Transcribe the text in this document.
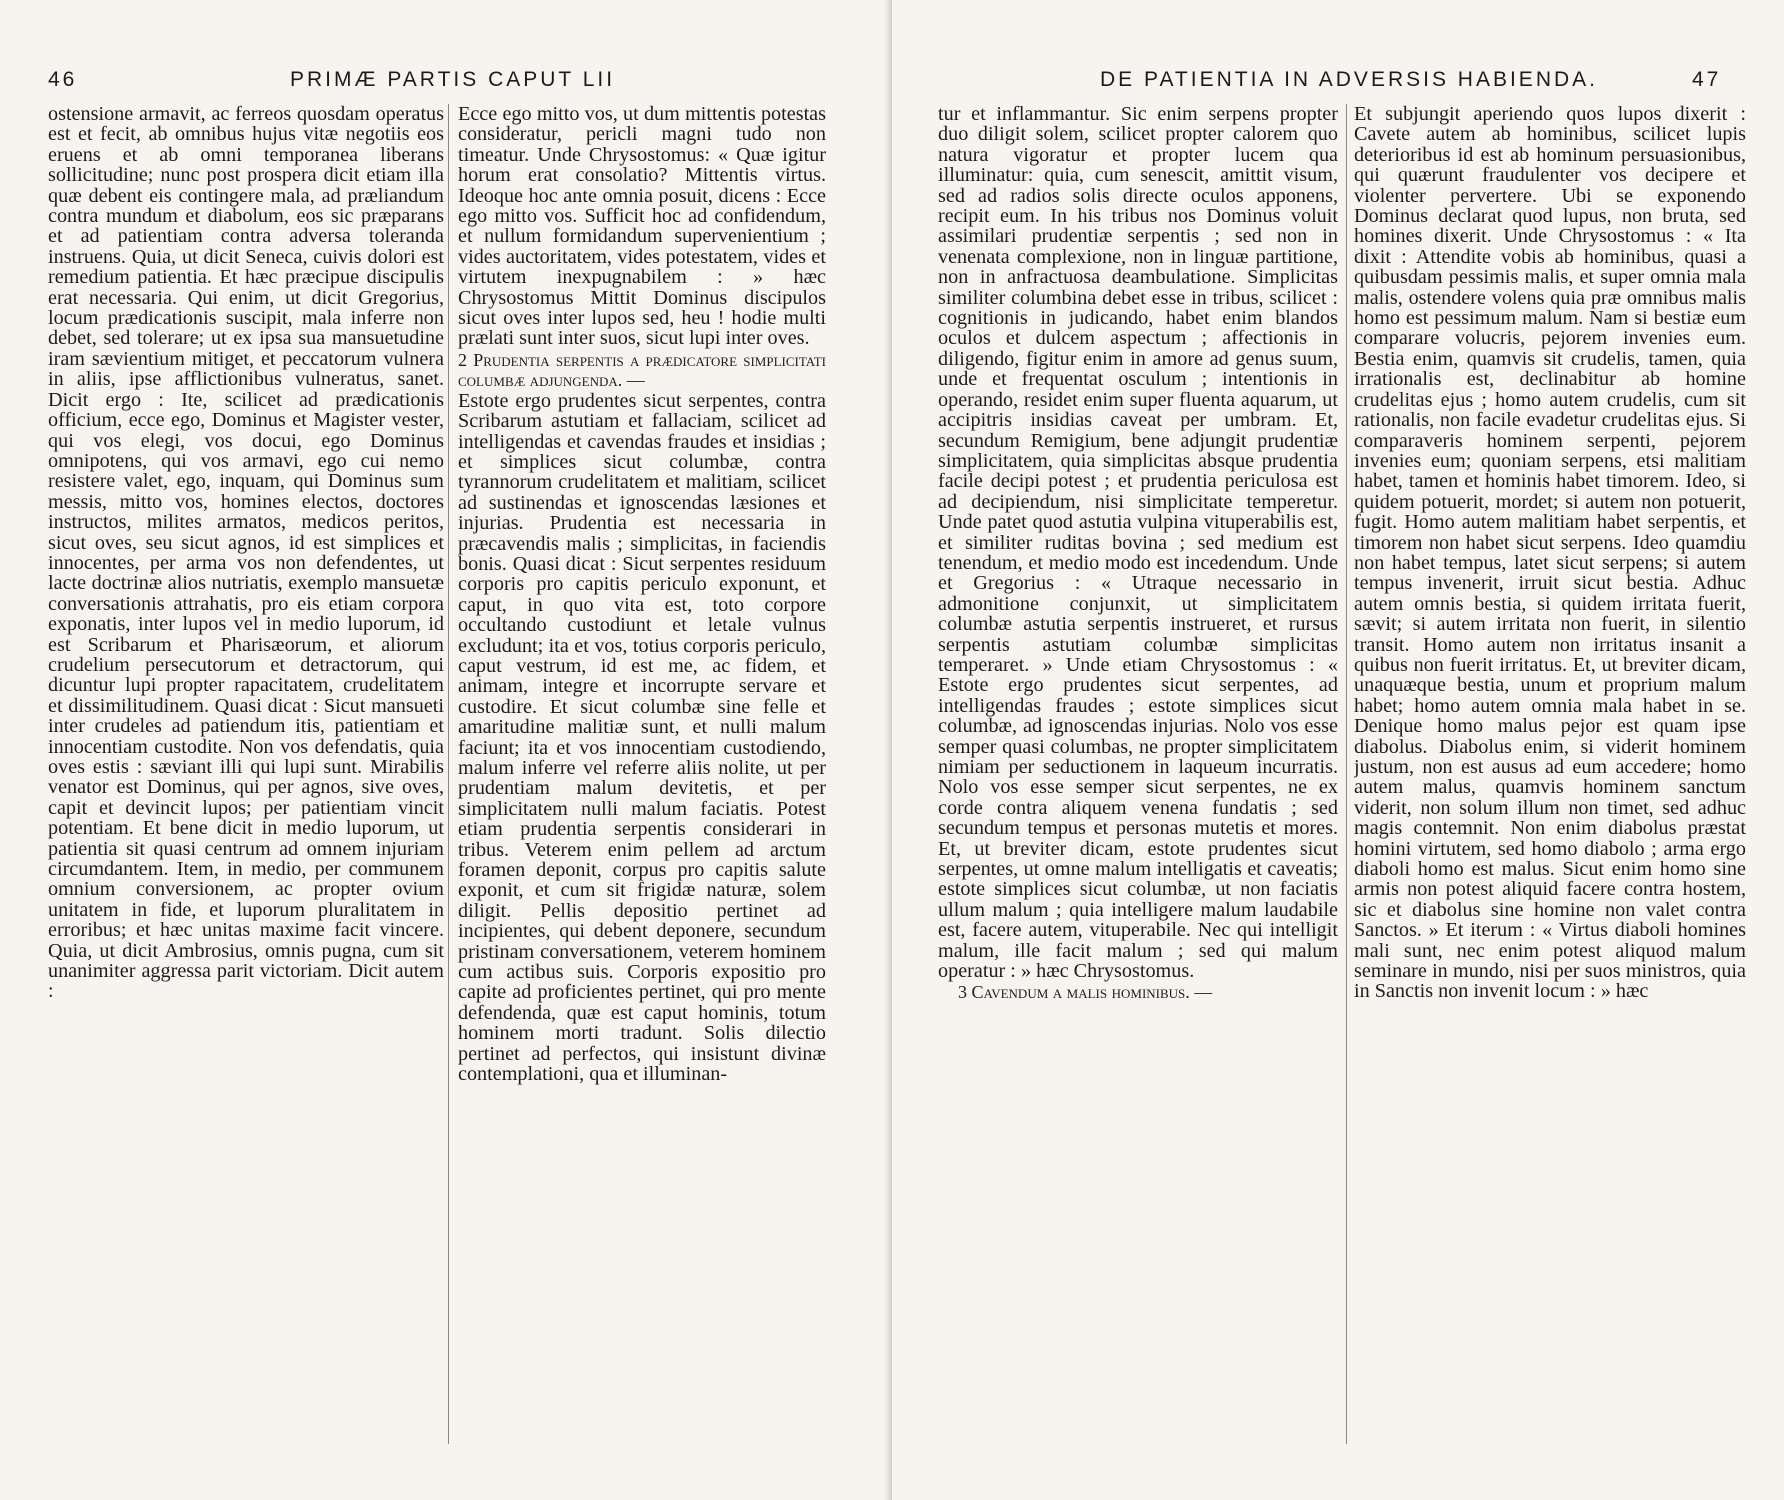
46	PRIMÆ PARTIS CAPUT LII

ostensione armavit, ac ferreos quosdam operatus est et fecit, ab omnibus hujus vitæ negotiis eos eruens et ab omni temporanea liberans sollicitudine; nunc post prospera dicit etiam illa quæ debent eis contingere mala, ad præliandum contra mundum et diabolum, eos sic præparans et ad patientiam contra adversa toleranda instruens. Quia, ut dicit Seneca, cuivis dolori est remedium patientia. Et hæc præcipue discipulis erat necessaria. Qui enim, ut dicit Gregorius, locum prædicationis suscipit, mala inferre non debet, sed tolerare; ut ex ipsa sua mansuetudine iram sævientium mitiget, et peccatorum vulnera in aliis, ipse afflictionibus vulneratus, sanet. Dicit ergo : Ite, scilicet ad prædicationis officium, ecce ego, Dominus et Magister vester, qui vos elegi, vos docui, ego Dominus omnipotens, qui vos armavi, ego cui nemo resistere valet, ego, inquam, qui Dominus sum messis, mitto vos, homines electos, doctores instructos, milites armatos, medicos peritos, sicut oves, seu sicut agnos, id est simplices et innocentes, per arma vos non defendentes, ut lacte doctrinæ alios nutriatis, exemplo mansuetæ conversationis attrahatis, pro eis etiam corpora exponatis, inter lupos vel in medio luporum, id est Scribarum et Pharisæorum, et aliorum crudelium persecutorum et detractorum, qui dicuntur lupi propter rapacitatem, crudelitatem et dissimilitudinem. Quasi dicat : Sicut mansueti inter crudeles ad patiendum itis, patientiam et innocentiam custodite. Non vos defendatis, quia oves estis : sæviant illi qui lupi sunt. Mirabilis venator est Dominus, qui per agnos, sive oves, capit et devincit lupos; per patientiam vincit potentiam. Et bene dicit in medio luporum, ut patientia sit quasi centrum ad omnem injuriam circumdantem. Item, in medio, per communem omnium conversionem, ac propter ovium unitatem in fide, et luporum pluralitatem in erroribus; et hæc unitas maxime facit vincere. Quia, ut dicit Ambrosius, omnis pugna, cum sit unanimiter aggressa parit victoriam. Dicit autem :

Ecce ego mitto vos, ut dum mittentis potestas consideratur, pericli magni tudo non timeatur. Unde Chrysostomus: « Quæ igitur horum erat consolatio? Mittentis virtus. Ideoque hoc ante omnia posuit, dicens : Ecce ego mitto vos. Sufficit hoc ad confidendum, et nullum formidandum supervenientium ; vides auctoritatem, vides potestatem, vides et virtutem inexpugnabilem : » hæc Chrysostomus Mittit Dominus discipulos sicut oves inter lupos sed, heu ! hodie multi prælati sunt inter suos, sicut lupi inter oves.

2 Prudentia serpentis a prædicatore simplicitati columbæ adjungenda. —

Estote ergo prudentes sicut serpentes, contra Scribarum astutiam et fallaciam, scilicet ad intelligendas et cavendas fraudes et insidias ; et simplices sicut columbæ, contra tyrannorum crudelitatem et malitiam, scilicet ad sustinendas et ignoscendas læsiones et injurias. Prudentia est necessaria in præcavendis malis ; simplicitas, in faciendis bonis. Quasi dicat : Sicut serpentes residuum corporis pro capitis periculo exponunt, et caput, in quo vita est, toto corpore occultando custodiunt et letale vulnus excludunt; ita et vos, totius corporis periculo, caput vestrum, id est me, ac fidem, et animam, integre et incorrupte servare et custodire. Et sicut columbæ sine felle et amaritudine malitiæ sunt, et nulli malum faciunt; ita et vos innocentiam custodiendo, malum inferre vel referre aliis nolite, ut per prudentiam malum devitetis, et per simplicitatem nulli malum faciatis. Potest etiam prudentia serpentis considerari in tribus. Veterem enim pellem ad arctum foramen deponit, corpus pro capitis salute exponit, et cum sit frigidæ naturæ, solem diligit. Pellis depositio pertinet ad incipientes, qui debent deponere, secundum pristinam conversationem, veterem hominem cum actibus suis. Corporis expositio pro capite ad proficientes pertinet, qui pro mente defendenda, quæ est caput hominis, totum hominem morti tradunt. Solis dilectio pertinet ad perfectos, qui insistunt divinæ contemplationi, qua et illuminan-

DE PATIENTIA IN ADVERSIS HABIENDA.	47

tur et inflammantur. Sic enim serpens propter duo diligit solem, scilicet propter calorem quo natura vigoratur et propter lucem qua illuminatur: quia, cum senescit, amittit visum, sed ad radios solis directe oculos apponens, recipit eum. In his tribus nos Dominus voluit assimilari prudentiæ serpentis ; sed non in venenata complexione, non in linguæ partitione, non in anfractuosa deambulatione. Simplicitas similiter columbina debet esse in tribus, scilicet : cognitionis in judicando, habet enim blandos oculos et dulcem aspectum ; affectionis in diligendo, figitur enim in amore ad genus suum, unde et frequentat osculum ; intentionis in operando, residet enim super fluenta aquarum, ut accipitris insidias caveat per umbram. Et, secundum Remigium, bene adjungit prudentiæ simplicitatem, quia simplicitas absque prudentia facile decipi potest ; et prudentia periculosa est ad decipiendum, nisi simplicitate temperetur. Unde patet quod astutia vulpina vituperabilis est, et similiter ruditas bovina ; sed medium est tenendum, et medio modo est incedendum. Unde et Gregorius : « Utraque necessario in admonitione conjunxit, ut simplicitatem columbæ astutia serpentis instrueret, et rursus serpentis astutiam columbæ simplicitas temperaret. » Unde etiam Chrysostomus : « Estote ergo prudentes sicut serpentes, ad intelligendas fraudes ; estote simplices sicut columbæ, ad ignoscendas injurias. Nolo vos esse semper quasi columbas, ne propter simplicitatem nimiam per seductionem in laqueum incurratis. Nolo vos esse semper sicut serpentes, ne ex corde contra aliquem venena fundatis ; sed secundum tempus et personas mutetis et mores. Et, ut breviter dicam, estote prudentes sicut serpentes, ut omne malum intelligatis et caveatis; estote simplices sicut columbæ, ut non faciatis ullum malum ; quia intelligere malum laudabile est, facere autem, vituperabile. Nec qui intelligit malum, ille facit malum ; sed qui malum operatur : » hæc Chrysostomus.

3 Cavendum a malis hominibus. —

Et subjungit aperiendo quos lupos dixerit : Cavete autem ab hominibus, scilicet lupis deterioribus id est ab hominum persuasionibus, qui quærunt fraudulenter vos decipere et violenter pervertere. Ubi se exponendo Dominus declarat quod lupus, non bruta, sed homines dixerit. Unde Chrysostomus : « Ita dixit : Attendite vobis ab hominibus, quasi a quibusdam pessimis malis, et super omnia mala malis, ostendere volens quia præ omnibus malis homo est pessimum malum. Nam si bestiæ eum comparare volucris, pejorem invenies eum. Bestia enim, quamvis sit crudelis, tamen, quia irrationalis est, declinabitur ab homine crudelitas ejus ; homo autem crudelis, cum sit rationalis, non facile evadetur crudelitas ejus. Si comparaveris hominem serpenti, pejorem invenies eum; quoniam serpens, etsi malitiam habet, tamen et hominis habet timorem. Ideo, si quidem potuerit, mordet; si autem non potuerit, fugit. Homo autem malitiam habet serpentis, et timorem non habet sicut serpens. Ideo quamdiu non habet tempus, latet sicut serpens; si autem tempus invenerit, irruit sicut bestia. Adhuc autem omnis bestia, si quidem irritata fuerit, sævit; si autem irritata non fuerit, in silentio transit. Homo autem non irritatus insanit a quibus non fuerit irritatus. Et, ut breviter dicam, unaquæque bestia, unum et proprium malum habet; homo autem omnia mala habet in se. Denique homo malus pejor est quam ipse diabolus. Diabolus enim, si viderit hominem justum, non est ausus ad eum accedere; homo autem malus, quamvis hominem sanctum viderit, non solum illum non timet, sed adhuc magis contemnit. Non enim diabolus præstat homini virtutem, sed homo diabolo ; arma ergo diaboli homo est malus. Sicut enim homo sine armis non potest aliquid facere contra hostem, sic et diabolus sine homine non valet contra Sanctos. » Et iterum : « Virtus diaboli homines mali sunt, nec enim potest aliquod malum seminare in mundo, nisi per suos ministros, quia in Sanctis non invenit locum : » hæc
